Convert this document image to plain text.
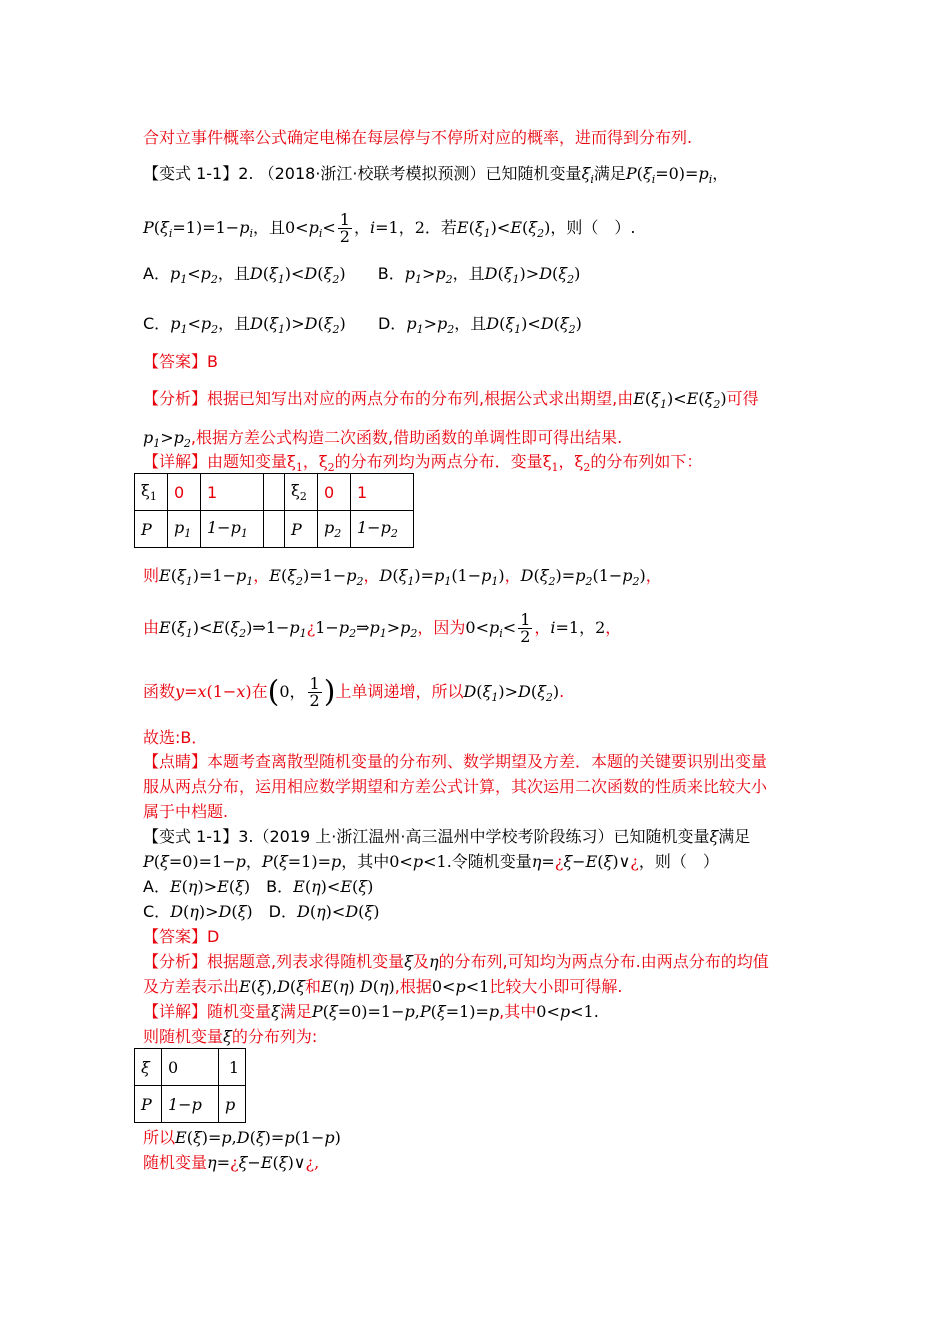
合对立事件概率公式确定电梯在每层停与不停所对应的概率，进而得到分布列.
【变式 1-1】2. （2018·浙江·校联考模拟预测）已知随机变量$\xi_i$满足$P(\xi_i=0)=p_i$，
$P(\xi_i=1)=1-p_i$，且$0<p_i< \frac{1}{2}$ ，i=1，2．若$E(\xi_1)<E(\xi_2)$，则（　）.
A．$p_1<p_2$，且$D(\xi_1)<D(\xi_2)$ B．$p_1>p_2$，且$D(\xi_1)>D(\xi_2)$
C．$p_1<p_2$，且$D(\xi_1)>D(\xi_2)$ D．$p_1>p_2$，且$D(\xi_1)<D(\xi_2)$
【答案】B
【分析】根据已知写出对应的两点分布的分布列,根据公式求出期望,由$E(\xi_1)<E(\xi_2)$可得
$p_1>p_2$,根据方差公式构造二次函数,借助函数的单调性即可得出结果.
【详解】由题知变量$\xi_1$，$\xi_2$的分布列均为两点分布．变量$\xi_1$，$\xi_2$的分布列如下：
$\xi_1$	0	1		$\xi_2$	0	1
P	$p_1$	$1-p_1$		P	$p_2$	$1-p_2$
则$E(\xi_1)=1-p_1$，$E(\xi_2)=1-p_2$，$D(\xi_1)=p_1(1-p_1)$，$D(\xi_2)=p_2(1-p_2)$，
由$E(\xi_1)<E(\xi_2)\Rightarrow 1-p_1¿1-p_2\Rightarrow p_1>p_2$，因为$0<p_i< \frac{1}{2}$ ，i=1，2，
函数y=x(1−x)在(0， $\frac{1}{2}$ )上单调递增，所以$D(\xi_1)>D(\xi_2)$.
故选:B．
【点睛】本题考查离散型随机变量的分布列、数学期望及方差．本题的关键要识别出变量
服从两点分布，运用相应数学期望和方差公式计算，其次运用二次函数的性质来比较大小
属于中档题.
【变式 1-1】3.（2019 上·浙江温州·高三温州中学校考阶段练习）已知随机变量ξ满足
P(ξ=0)=1−p，P(ξ=1)=p，其中0<p<1.令随机变量η=¿ξ−E(ξ)∨¿，则（　）
A．E(η)>E(ξ)　 B．E(η)<E(ξ)
C．D(η)>D(ξ)　 D．D(η)<D(ξ)
【答案】D
【分析】根据题意,列表求得随机变量ξ及η的分布列,可知均为两点分布.由两点分布的均值
及方差表示出E(ξ),D(ξ和E(η) D(η),根据0<p<1比较大小即可得解.
【详解】随机变量ξ满足P(ξ=0)=1−p,P(ξ=1)=p,其中0<p<1.
则随机变量ξ的分布列为:
ξ	0	1
P	1−p	p
所以E(ξ)=p,D(ξ)=p(1−p)
随机变量η=¿ξ−E(ξ)∨¿,
